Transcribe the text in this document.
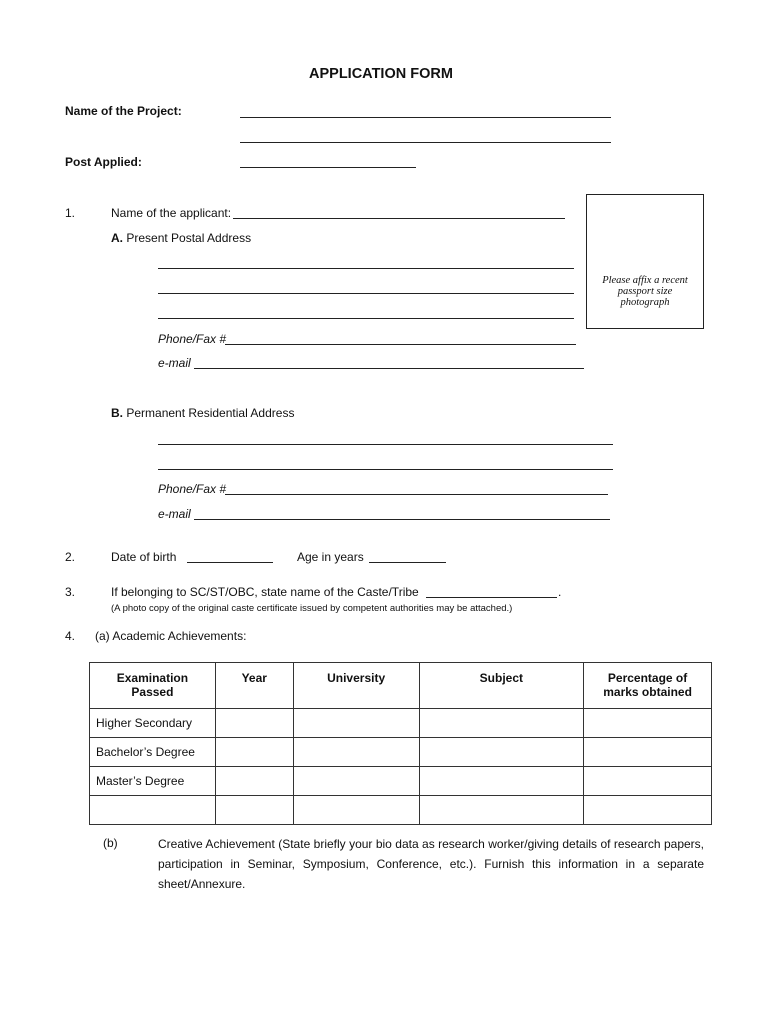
APPLICATION FORM
Name of the Project:
Post Applied:
Please affix a recent passport size photograph
1.	Name of the applicant:
A. Present Postal Address
Phone/Fax #
e-mail
B. Permanent Residential Address
Phone/Fax #
e-mail
2.	Date of birth	Age in years
3.	If belonging to SC/ST/OBC, state name of the Caste/Tribe	.
(A photo copy of the original caste certificate issued by competent authorities may be attached.)
4. (a) Academic Achievements:
Examination Passed	Year	University	Subject	Percentage of marks obtained
Higher Secondary				
Bachelor’s Degree				
Master’s Degree				

(b)	Creative Achievement (State briefly your bio data as research worker/giving details of research papers, participation in Seminar, Symposium, Conference, etc.). Furnish this information in a separate sheet/Annexure.
